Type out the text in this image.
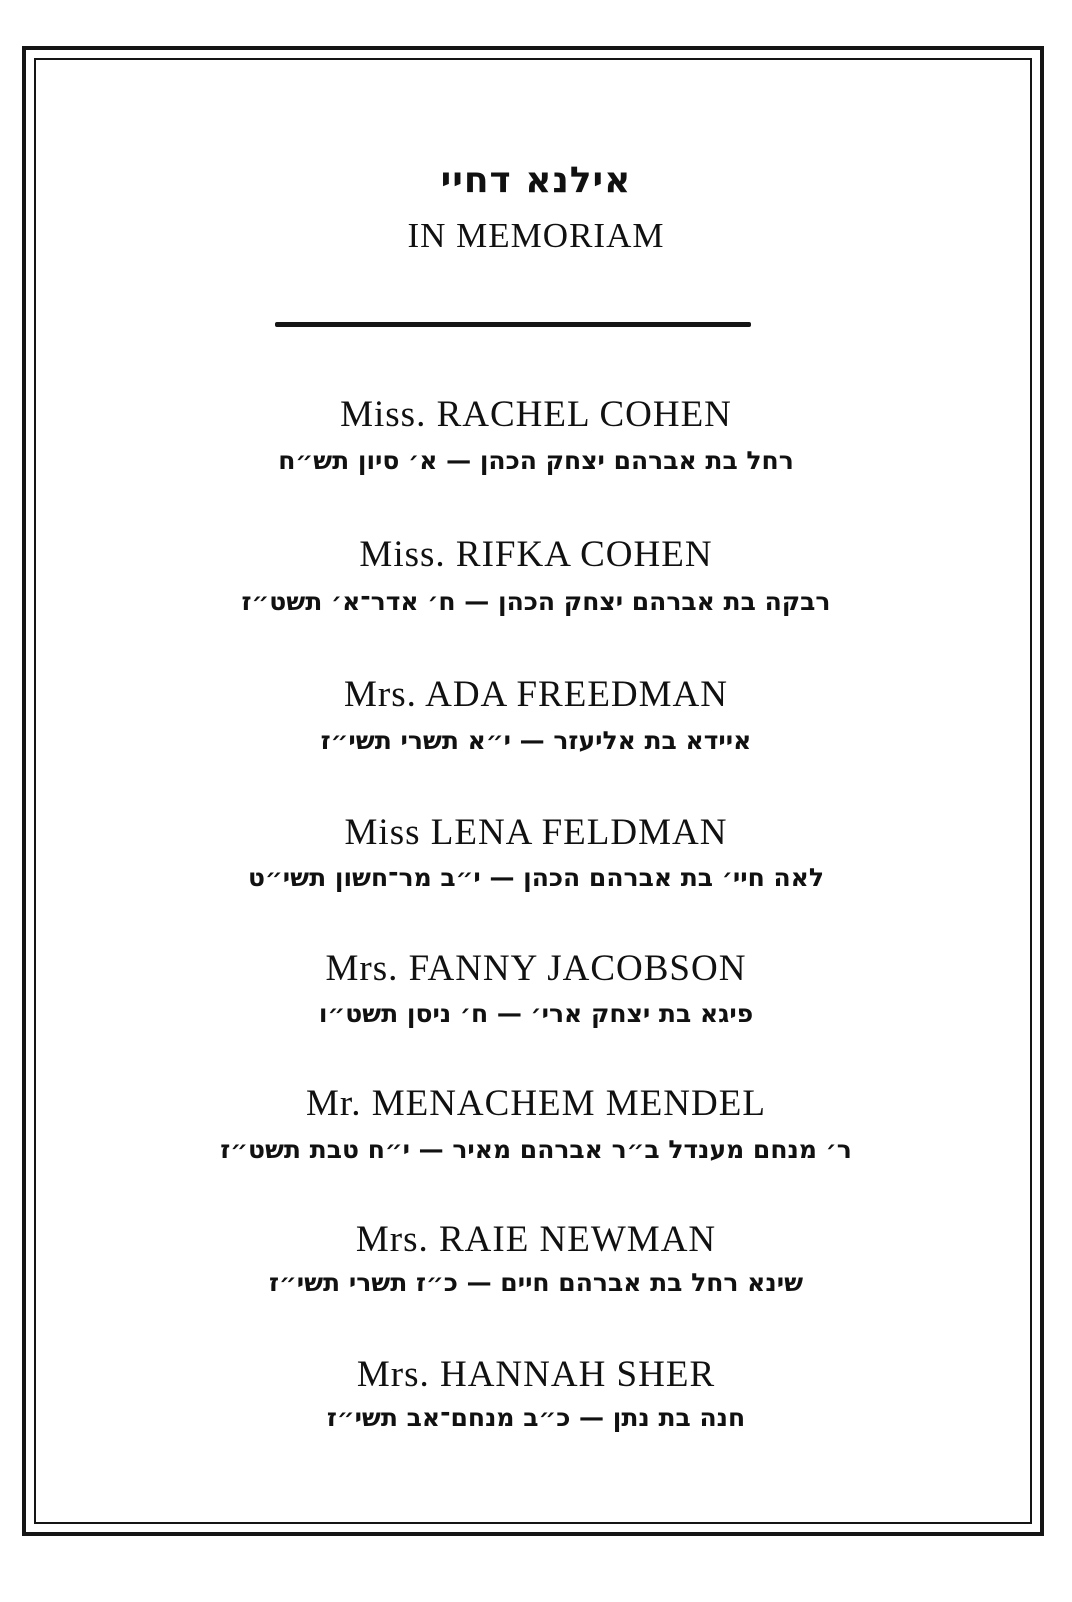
אילנא דחיי
IN MEMORIAM
Miss. RACHEL COHEN
רחל בת אברהם יצחק הכהן — א׳ סיון תש״ח
Miss. RIFKA COHEN
רבקה בת אברהם יצחק הכהן — ח׳ אדר־א׳ תשט״ז
Mrs. ADA FREEDMAN
איידא בת אליעזר — י״א תשרי תשי״ז
Miss LENA FELDMAN
לאה חיי׳ בת אברהם הכהן — י״ב מר־חשון תשי״ט
Mrs. FANNY JACOBSON
פיגא בת יצחק ארי׳ — ח׳ ניסן תשט״ו
Mr. MENACHEM MENDEL
ר׳ מנחם מענדל ב״ר אברהם מאיר — י״ח טבת תשט״ז
Mrs. RAIE NEWMAN
שינא רחל בת אברהם חיים — כ״ז תשרי תשי״ז
Mrs. HANNAH SHER
חנה בת נתן — כ״ב מנחם־אב תשי״ז
